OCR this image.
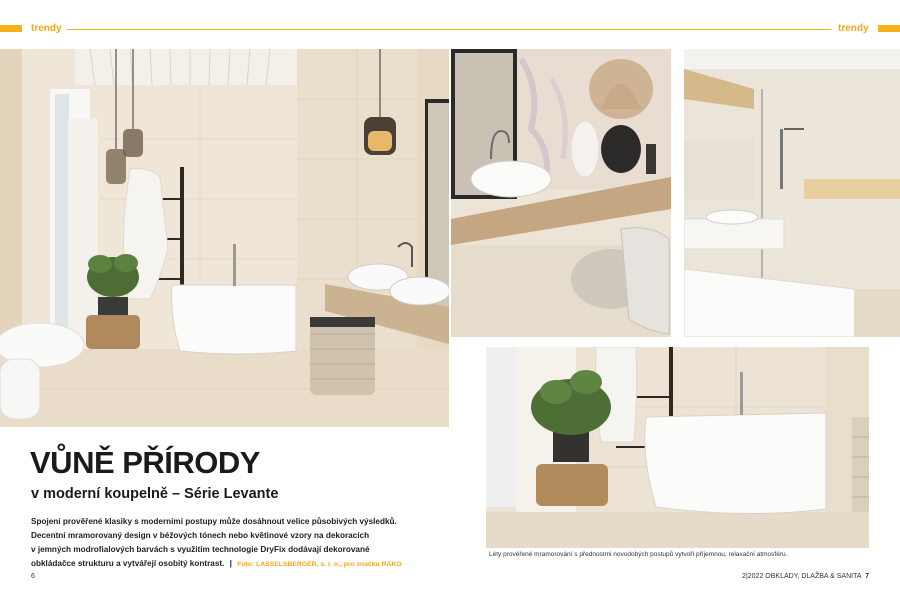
trendy	trendy
Léty prověřené mramorování s přednostmi novodobých postupů vytvoří příjemnou, relaxační atmosféru.
VŮNĚ PŘÍRODY
v moderní koupelně – Série Levante
Spojení prověřené klasiky s moderními postupy může dosáhnout velice působivých výsledků.
Decentní mramorovaný design v béžových tónech nebo květinové vzory na dekoracích
v jemných modrofialových barvách s využitím technologie DryFix dodávají dekorované
obkládačce strukturu a vytvářejí osobitý kontrast. | Foto: LASSELSBERGER, s. r. o., pro značku RAKO
6	2|2022 OBKLADY, DLAŽBA & SANITA 7
